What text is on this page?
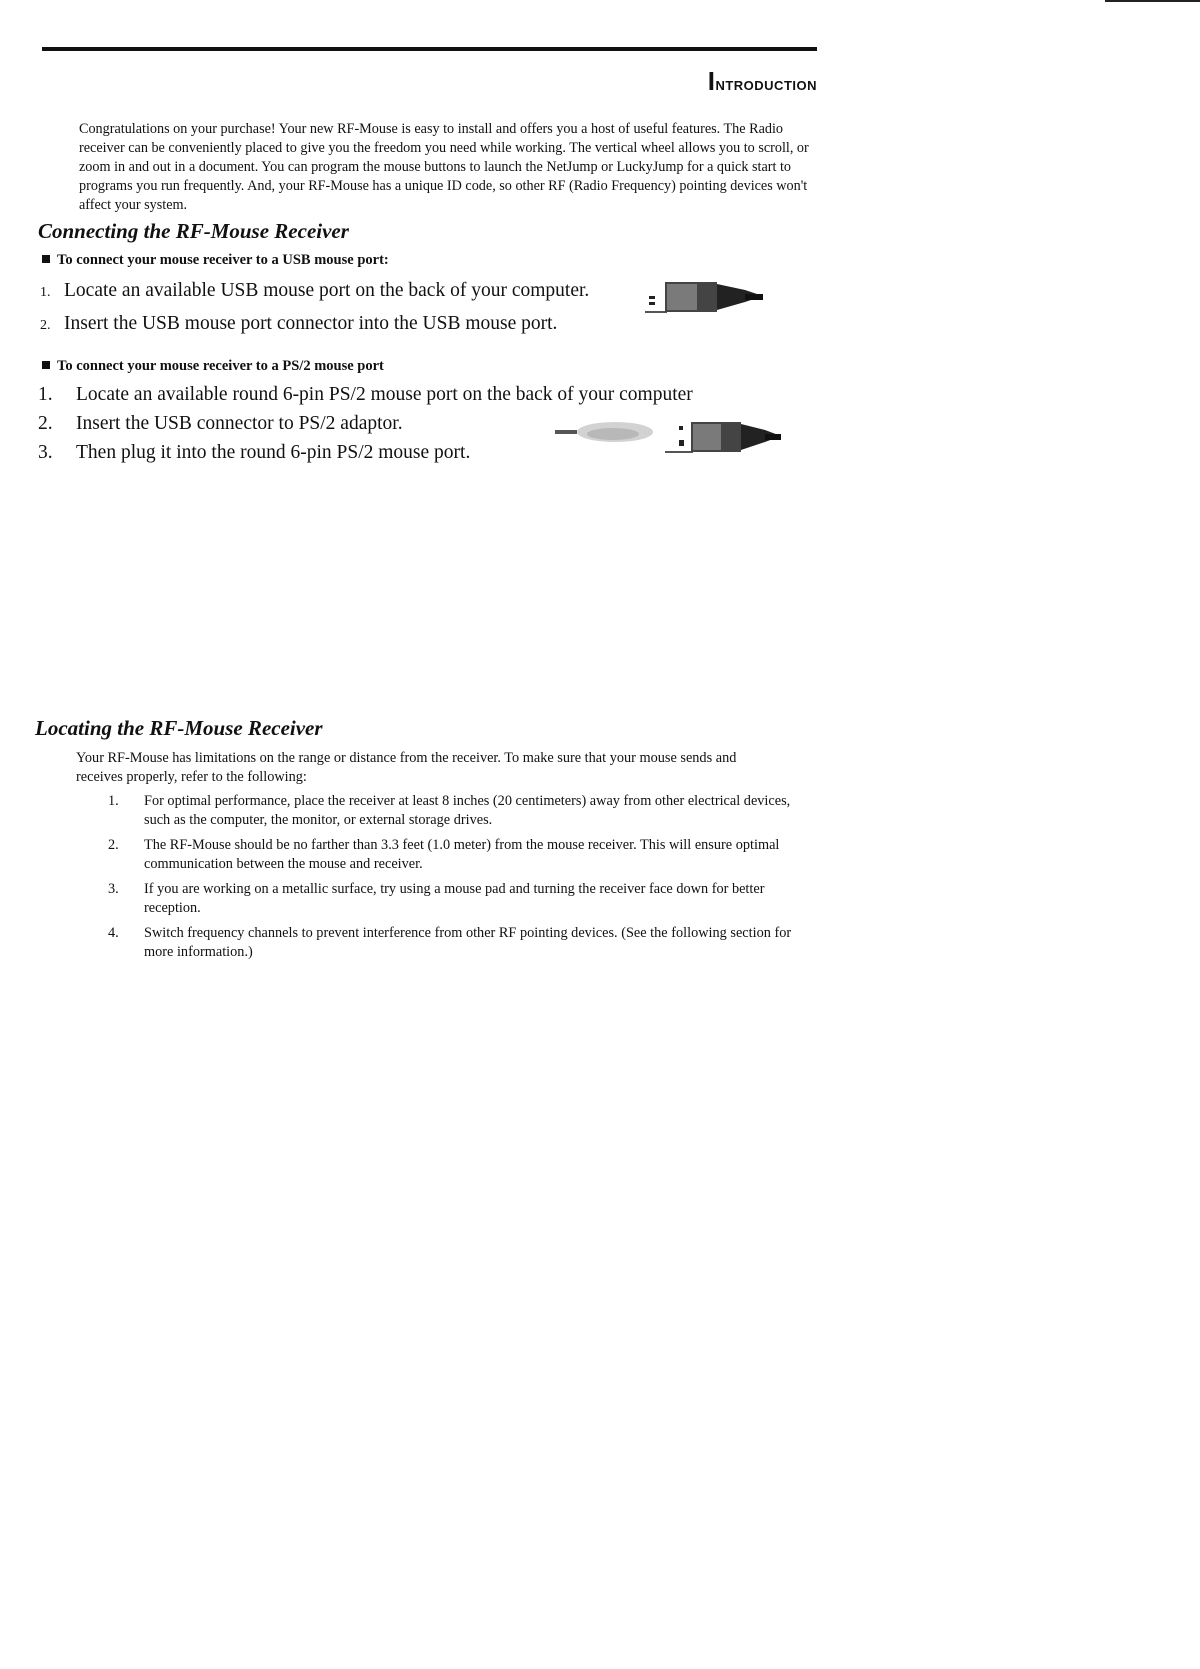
Introduction

Congratulations on your purchase! Your new RF-Mouse is easy to install and offers you a host of useful features. The Radio receiver can be conveniently placed to give you the freedom you need while working. The vertical wheel allows you to scroll, or zoom in and out in a document. You can program the mouse buttons to launch the NetJump or LuckyJump for a quick start to programs you run frequently. And, your RF-Mouse has a unique ID code, so other RF (Radio Frequency) pointing devices won't affect your system.

Connecting the RF-Mouse Receiver

To connect your mouse receiver to a USB mouse port:

1. Locate an available USB mouse port on the back of your computer.
2. Insert the USB mouse port connector into the USB mouse port.

To connect your mouse receiver to a PS/2 mouse port

1. Locate an available round 6-pin PS/2 mouse port on the back of your computer
2. Insert the USB connector to PS/2 adaptor.
3. Then plug it into the round 6-pin PS/2 mouse port.
Locating the RF-Mouse Receiver

Your RF-Mouse has limitations on the range or distance from the receiver. To make sure that your mouse sends and receives properly, refer to the following:

1.	For optimal performance, place the receiver at least 8 inches (20 centimeters) away from other electrical devices, such as the computer, the monitor, or external storage drives.
2.	The RF-Mouse should be no farther than 3.3 feet (1.0 meter) from the mouse receiver. This will ensure optimal communication between the mouse and receiver.
3.	If you are working on a metallic surface, try using a mouse pad and turning the receiver face down for better reception.
4.	Switch frequency channels to prevent interference from other RF pointing devices. (See the following section for more information.)
